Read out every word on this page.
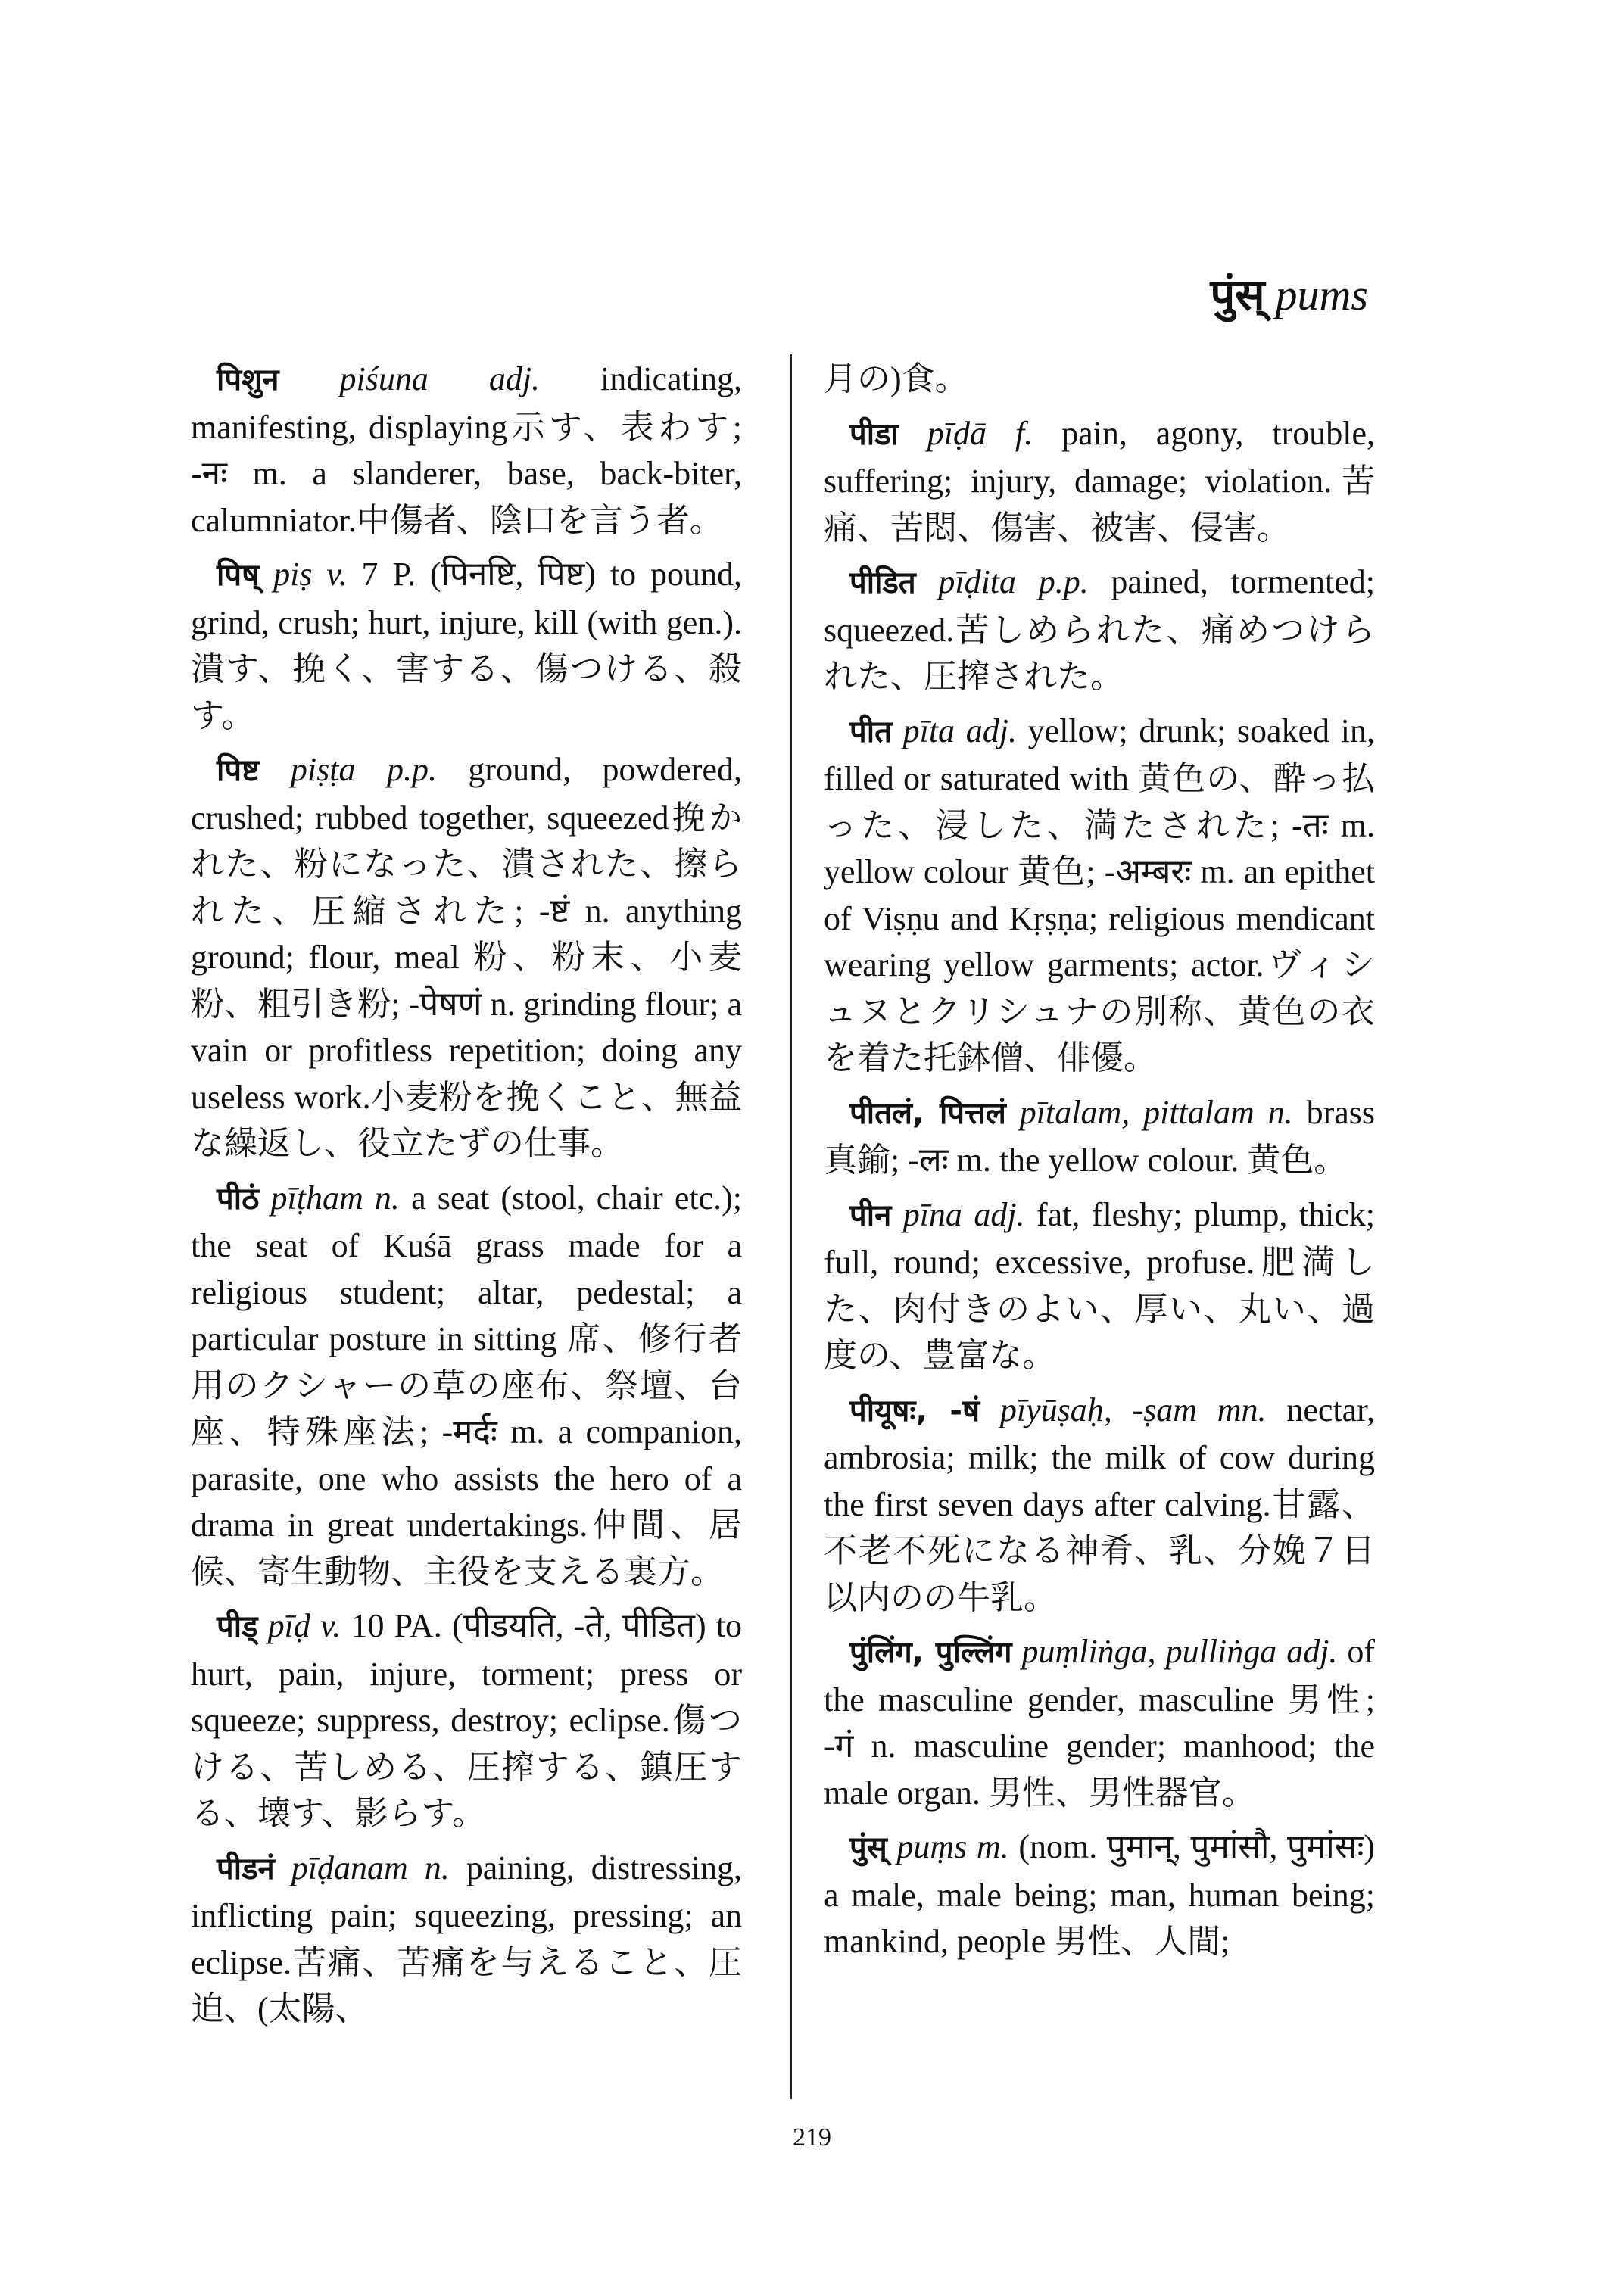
पुंस् pums

पिशुन piśuna adj. indicating, manifesting, displaying示す、表わす; -नः m. a slanderer, base, back-biter, calumniator.中傷者、陰口を言う者。

पिष् piṣ v. 7 P. (पिनष्टि, पिष्ट) to pound, grind, crush; hurt, injure, kill (with gen.).潰す、挽く、害する、傷つける、殺す。

पिष्ट piṣṭa p.p. ground, powdered, crushed; rubbed together, squeezed挽かれた、粉になった、潰された、擦られた、圧縮された; -ष्टं n. anything ground; flour, meal 粉、粉末、小麦粉、粗引き粉; -पेषणं n. grinding flour; a vain or profitless repetition; doing any useless work.小麦粉を挽くこと、無益な繰返し、役立たずの仕事。

पीठं pīṭham n. a seat (stool, chair etc.); the seat of Kuśā grass made for a religious student; altar, pedestal; a particular posture in sitting 席、修行者用のクシャーの草の座布、祭壇、台座、特殊座法; -मर्दः m. a companion, parasite, one who assists the hero of a drama in great undertakings.仲間、居候、寄生動物、主役を支える裏方。

पीड् pīḍ v. 10 PA. (पीडयति, -ते, पीडित) to hurt, pain, injure, torment; press or squeeze; suppress, destroy; eclipse.傷つける、苦しめる、圧搾する、鎮圧する、壊す、影らす。

पीडनं pīḍanam n. paining, distressing, inflicting pain; squeezing, pressing; an eclipse.苦痛、苦痛を与えること、圧迫、(太陽、

月の)食。

पीडा pīḍā f. pain, agony, trouble, suffering; injury, damage; violation.苦痛、苦悶、傷害、被害、侵害。

पीडित pīḍita p.p. pained, tormented; squeezed.苦しめられた、痛めつけられた、圧搾された。

पीत pīta adj. yellow; drunk; soaked in, filled or saturated with 黄色の、酔っ払った、浸した、満たされた; -तः m. yellow colour 黄色; -अम्बरः m. an epithet of Viṣṇu and Kṛṣṇa; religious mendicant wearing yellow garments; actor.ヴィシュヌとクリシュナの別称、黄色の衣を着た托鉢僧、俳優。

पीतलं, पित्तलं pītalam, pittalam n. brass 真鍮; -लः m. the yellow colour. 黄色。

पीन pīna adj. fat, fleshy; plump, thick; full, round; excessive, profuse.肥満した、肉付きのよい、厚い、丸い、過度の、豊富な。

पीयूषः, -षं pīyūṣaḥ, -ṣam mn. nectar, ambrosia; milk; the milk of cow during the first seven days after calving.甘露、不老不死になる神肴、乳、分娩７日以内のの牛乳。

पुंलिंग, पुल्लिंग puṃliṅga, pulliṅga adj. of the masculine gender, masculine 男性; -गं n. masculine gender; manhood; the male organ. 男性、男性器官。

पुंस् puṃs m. (nom. पुमान्, पुमांसौ, पुमांसः) a male, male being; man, human being; mankind, people 男性、人間;

219
